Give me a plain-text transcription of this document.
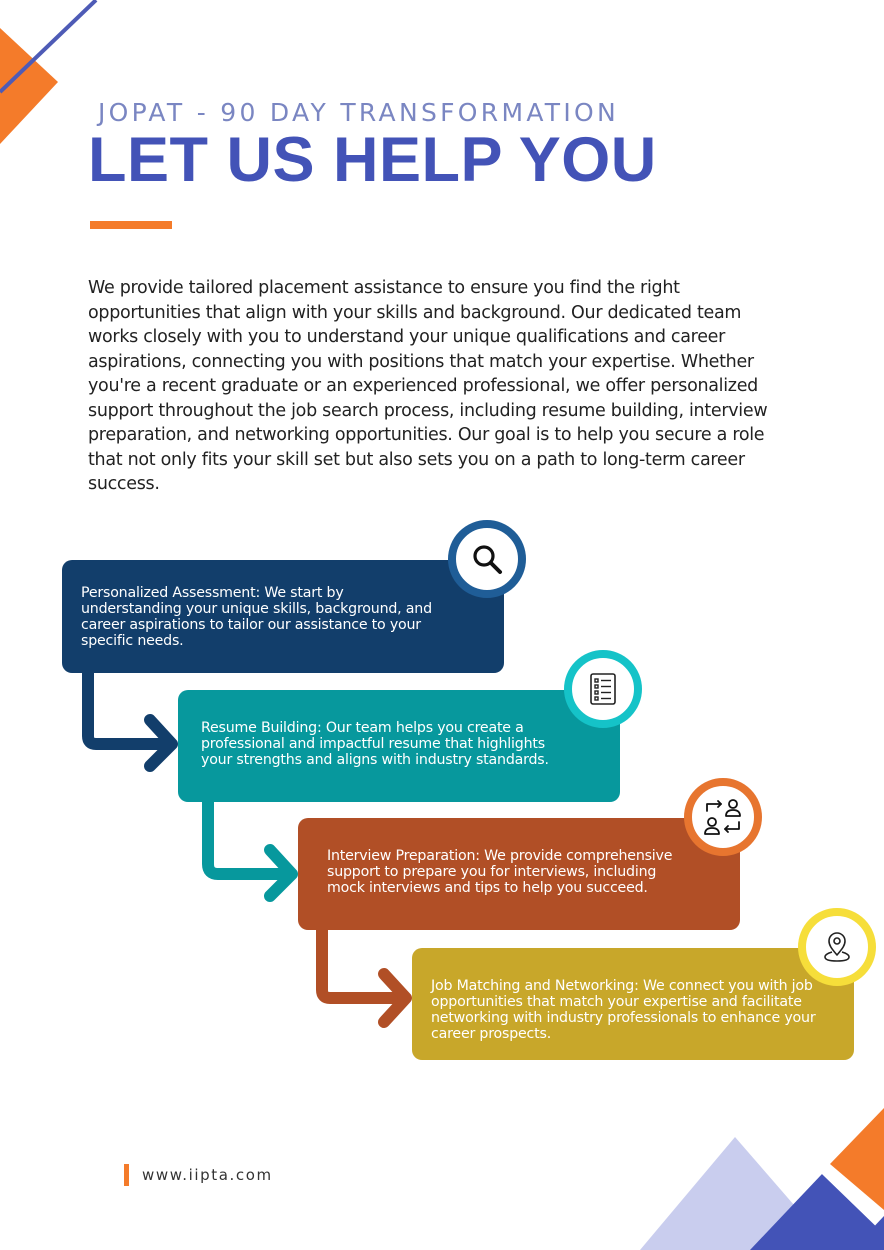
JOPAT - 90 DAY TRANSFORMATION
LET US HELP YOU

We provide tailored placement assistance to ensure you find the right opportunities that align with your skills and background. Our dedicated team works closely with you to understand your unique qualifications and career aspirations, connecting you with positions that match your expertise. Whether you're a recent graduate or an experienced professional, we offer personalized support throughout the job search process, including resume building, interview preparation, and networking opportunities. Our goal is to help you secure a role that not only fits your skill set but also sets you on a path to long-term career success.

Personalized Assessment: We start by understanding your unique skills, background, and career aspirations to tailor our assistance to your specific needs.
Resume Building: Our team helps you create a professional and impactful resume that highlights your strengths and aligns with industry standards.
Interview Preparation: We provide comprehensive support to prepare you for interviews, including mock interviews and tips to help you succeed.
Job Matching and Networking: We connect you with job opportunities that match your expertise and facilitate networking with industry professionals to enhance your career prospects.
www.iipta.com
